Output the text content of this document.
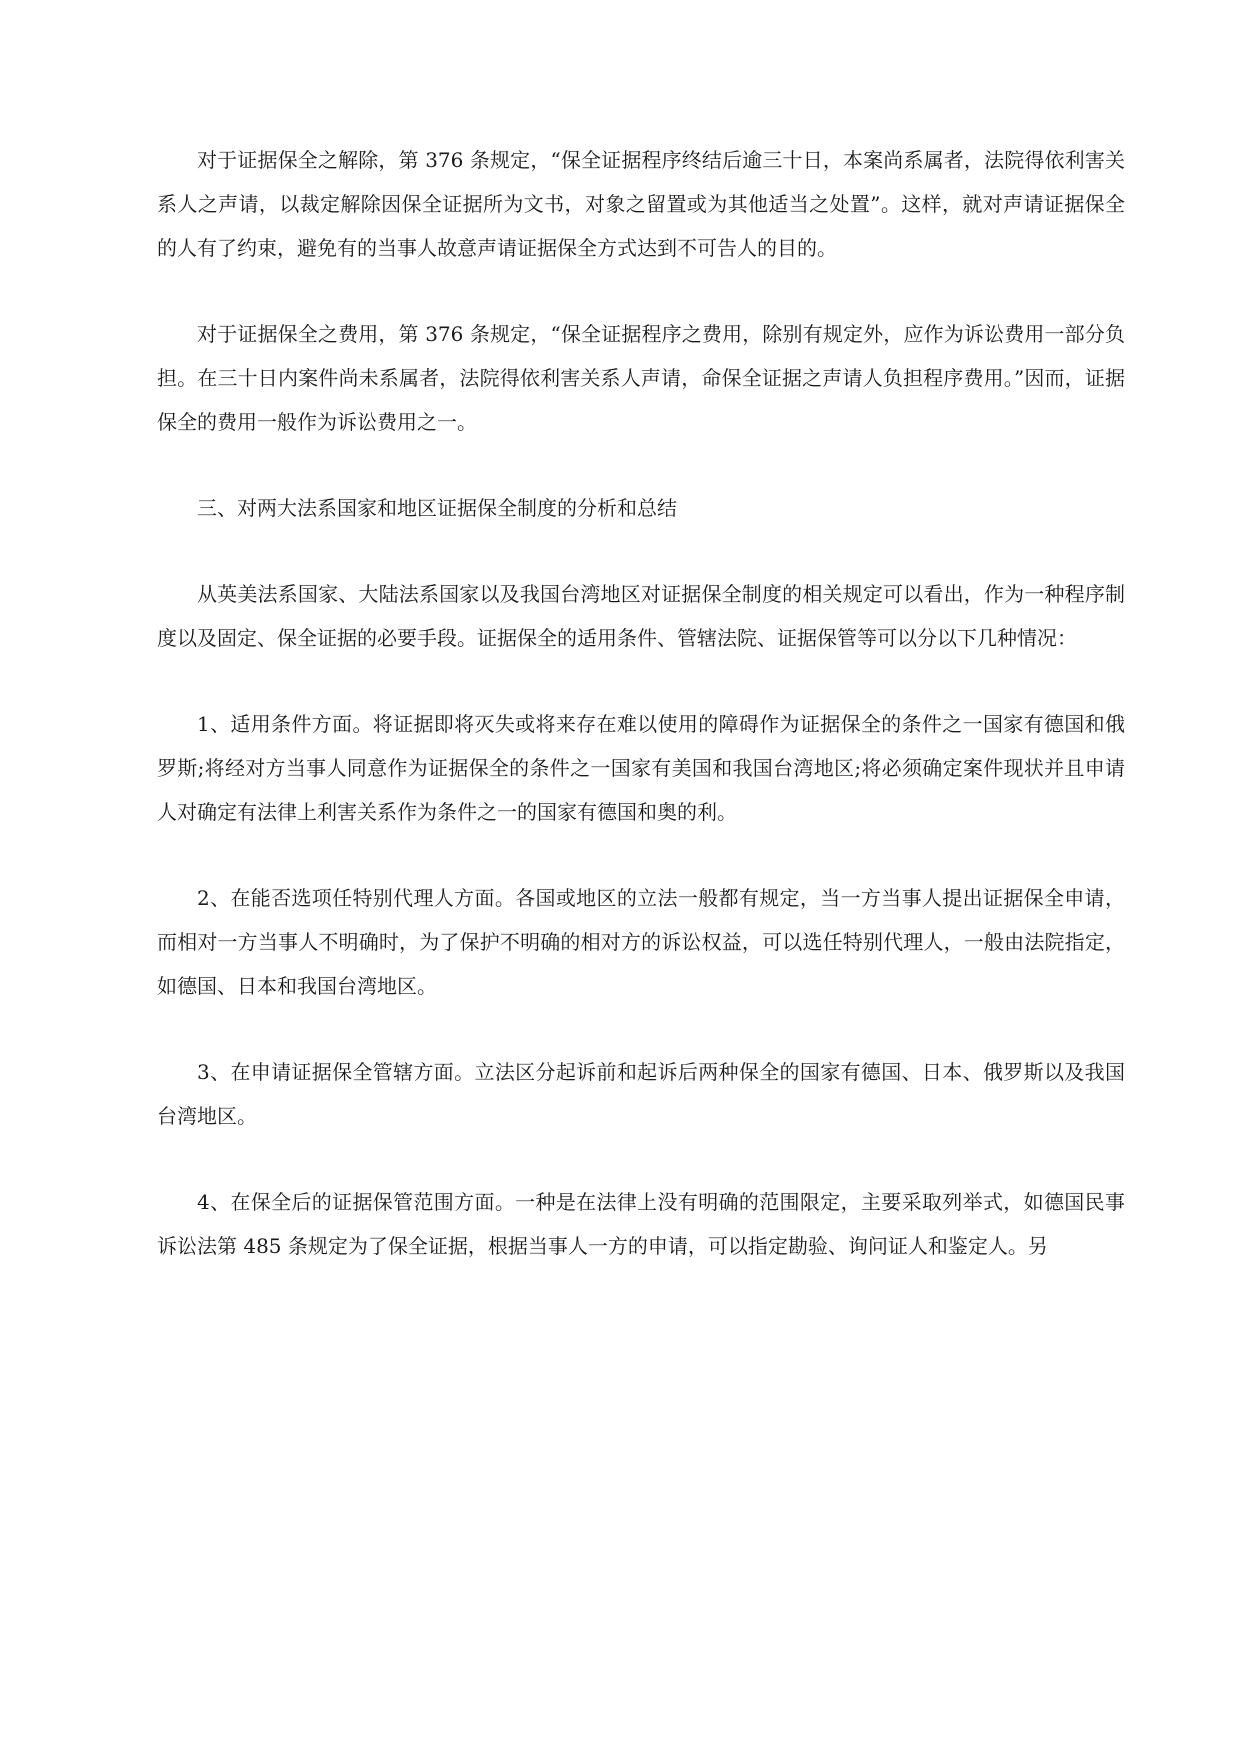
对于证据保全之解除，第 376 条规定，“保全证据程序终结后逾三十日，本案尚系属者，法院得依利害关系人之声请，以裁定解除因保全证据所为文书，对象之留置或为其他适当之处置”。这样，就对声请证据保全的人有了约束，避免有的当事人故意声请证据保全方式达到不可告人的目的。

对于证据保全之费用，第 376 条规定，“保全证据程序之费用，除别有规定外，应作为诉讼费用一部分负担。在三十日内案件尚未系属者，法院得依利害关系人声请，命保全证据之声请人负担程序费用。”因而，证据保全的费用一般作为诉讼费用之一。

三、对两大法系国家和地区证据保全制度的分析和总结

从英美法系国家、大陆法系国家以及我国台湾地区对证据保全制度的相关规定可以看出，作为一种程序制度以及固定、保全证据的必要手段。证据保全的适用条件、管辖法院、证据保管等可以分以下几种情况：

1、适用条件方面。将证据即将灭失或将来存在难以使用的障碍作为证据保全的条件之一国家有德国和俄罗斯;将经对方当事人同意作为证据保全的条件之一国家有美国和我国台湾地区;将必须确定案件现状并且申请人对确定有法律上利害关系作为条件之一的国家有德国和奥的利。

2、在能否选项任特别代理人方面。各国或地区的立法一般都有规定，当一方当事人提出证据保全申请，而相对一方当事人不明确时，为了保护不明确的相对方的诉讼权益，可以选任特别代理人，一般由法院指定，如德国、日本和我国台湾地区。

3、在申请证据保全管辖方面。立法区分起诉前和起诉后两种保全的国家有德国、日本、俄罗斯以及我国台湾地区。

4、在保全后的证据保管范围方面。一种是在法律上没有明确的范围限定，主要采取列举式，如德国民事诉讼法第 485 条规定为了保全证据，根据当事人一方的申请，可以指定勘验、询问证人和鉴定人。另
